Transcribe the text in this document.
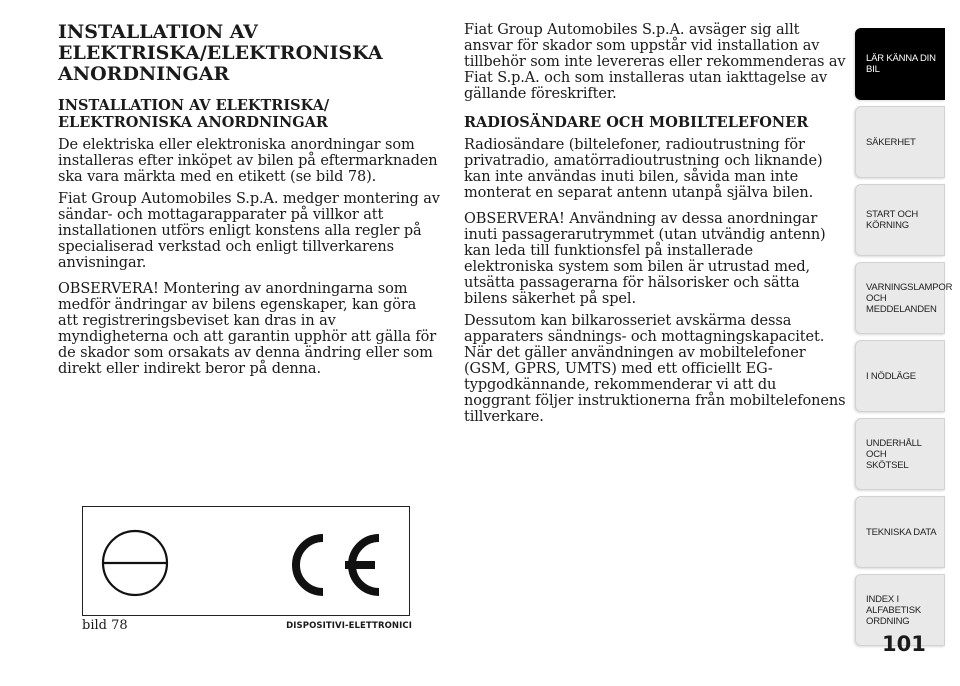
INSTALLATION AV ELEKTRISKA/ELEKTRONISKA ANORDNINGAR
INSTALLATION AV ELEKTRISKA/
ELEKTRONISKA ANORDNINGAR
De elektriska eller elektroniska anordningar som installeras efter inköpet av bilen på eftermarknaden ska vara märkta med en etikett (se bild 78).
Fiat Group Automobiles S.p.A. medger montering av sändar- och mottagarapparater på villkor att installationen utförs enligt konstens alla regler på specialiserad verkstad och enligt tillverkarens anvisningar.
OBSERVERA! Montering av anordningarna som medför ändringar av bilens egenskaper, kan göra att registreringsbeviset kan dras in av myndigheterna och att garantin upphör att gälla för de skador som orsakats av denna ändring eller som direkt eller indirekt beror på denna.
Fiat Group Automobiles S.p.A. avsäger sig allt ansvar för skador som uppstår vid installation av tillbehör som inte levereras eller rekommenderas av Fiat S.p.A. och som installeras utan iakttagelse av gällande föreskrifter.
RADIOSÄNDARE OCH MOBILTELEFONER
Radiosändare (biltelefoner, radioutrustning för privatradio, amatörradioutrustning och liknande) kan inte användas inuti bilen, såvida man inte monterat en separat antenn utanpå själva bilen.
OBSERVERA! Användning av dessa anordningar inuti passagerarutrymmet (utan utvändig antenn) kan leda till funktionsfel på installerade elektroniska system som bilen är utrustad med, utsätta passagerarna för hälsorisker och sätta bilens säkerhet på spel.
Dessutom kan bilkarosseriet avskärma dessa apparaters sändnings- och mottagningskapacitet. När det gäller användningen av mobiltelefoner (GSM, GPRS, UMTS) med ett officiellt EG-typgodkännande, rekommenderar vi att du noggrant följer instruktionerna från mobiltelefonens tillverkare.
bild 78	DISPOSITIVI-ELETTRONICI
LÄR KÄNNA DIN
BIL
SÄKERHET
START OCH
KÖRNING
VARNINGSLAMPOR
OCH
MEDDELANDEN
I NÖDLÄGE
UNDERHÅLL OCH
SKÖTSEL
TEKNISKA DATA
INDEX I
ALFABETISK
ORDNING
101
